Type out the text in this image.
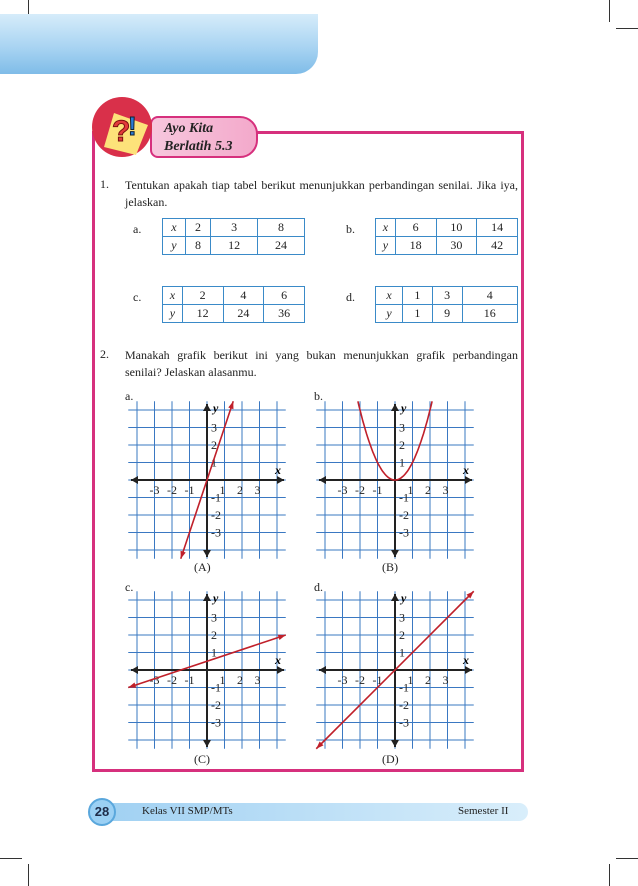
Ayo Kita
Berlatih 5.3
?
!
1. Tentukan apakah tiap tabel berikut menunjukkan perbandingan senilai. Jika iya, jelaskan.
a. x	2	3	8
y	8	12	24
b. x	6	10	14
y	18	30	42
c. x	2	4	6
y	12	24	36
d.	x	1	3	4
y	1	9	16
2. Manakah grafik berikut ini yang bukan menunjukkan grafik perbandingan senilai? Jelaskan alasanmu.
a.	b.
c.	d.
x
y
-3 -2 -1 1 2 3
3
2
1
-1
-2
-3
x
y
-3 -2 -1 1 2 3
3
2
1
-1
-2
-3
x
y
-3 -2 -1 1 2 3
3
2
1
-1
-2
-3
x
y
-3 -2 -1 1 2 3
3
2
1
-1
-2
-3
(A)	(B)
(C)	(D)
28	Kelas VII SMP/MTs	Semester II
